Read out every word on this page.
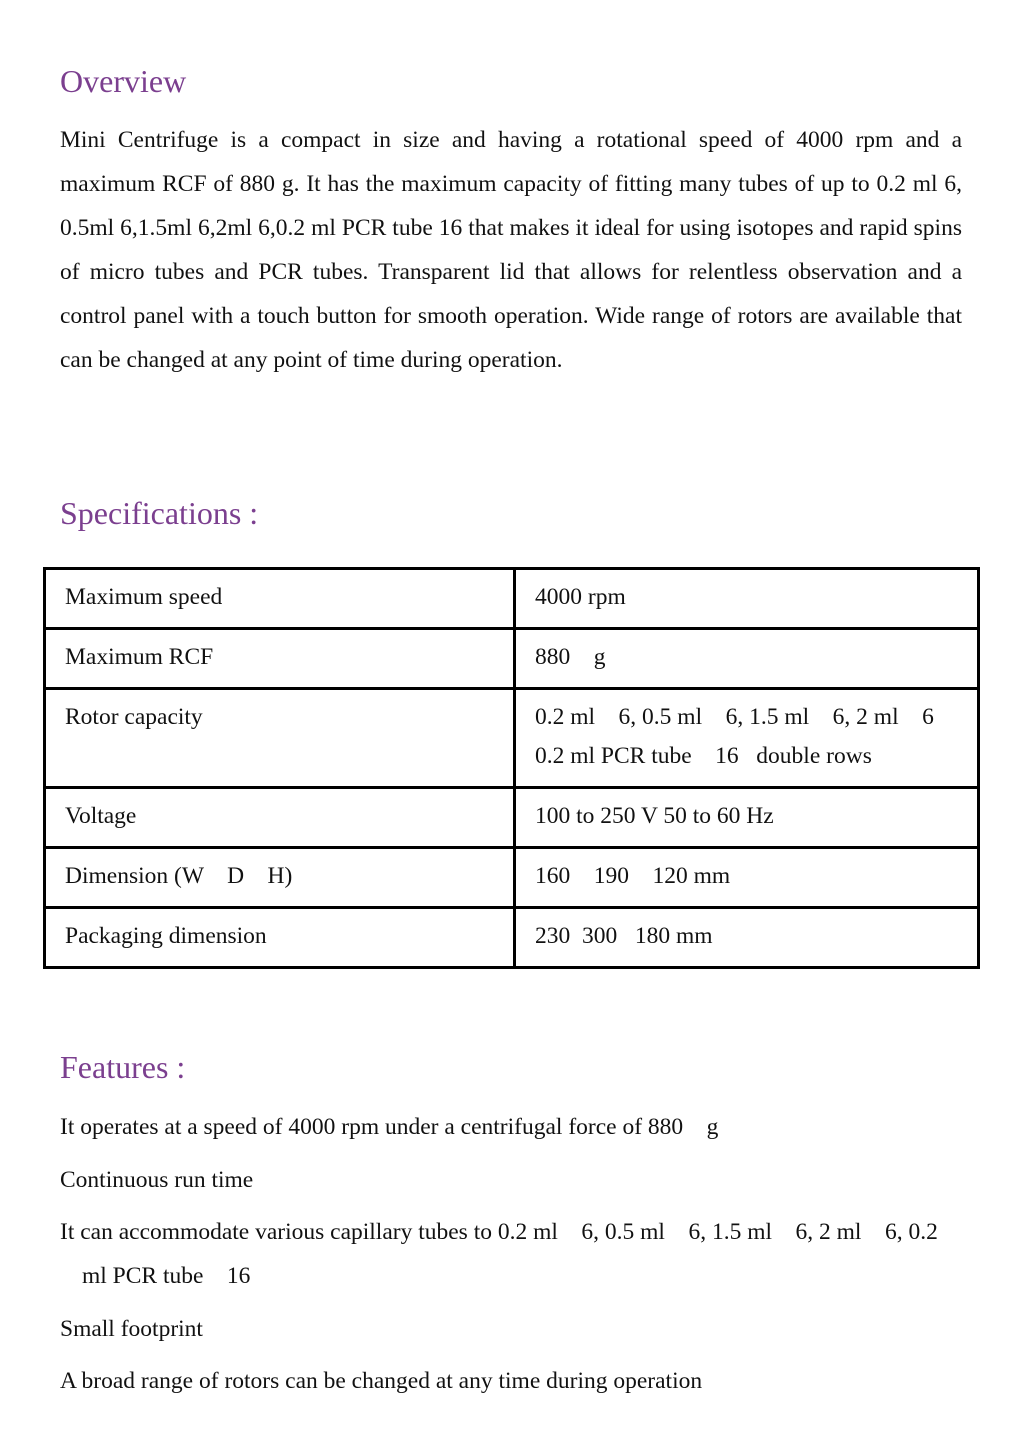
Overview

Mini Centrifuge is a compact in size and having a rotational speed of 4000 rpm and a maximum RCF of 880 g. It has the maximum capacity of fitting many tubes of up to 0.2 ml 6, 0.5ml 6,1.5ml 6,2ml 6,0.2 ml PCR tube 16 that makes it ideal for using isotopes and rapid spins of micro tubes and PCR tubes. Transparent lid that allows for relentless observation and a control panel with a touch button for smooth operation. Wide range of rotors are available that can be changed at any point of time during operation.

Specifications :
Maximum speed	4000 rpm
Maximum RCF	880    g
Rotor capacity	0.2 ml    6, 0.5 ml    6, 1.5 ml    6, 2 ml    6
0.2 ml PCR tube    16   double rows

Voltage	100 to 250 V 50 to 60 Hz
Dimension (W    D    H)	160    190    120 mm
Packaging dimension	230  300   180 mm
Features :
It operates at a speed of 4000 rpm under a centrifugal force of 880    g
Continuous run time
It can accommodate various capillary tubes to 0.2 ml    6, 0.5 ml    6, 1.5 ml    6, 2 ml    6, 0.2 ml PCR tube    16
Small footprint
A broad range of rotors can be changed at any time during operation
